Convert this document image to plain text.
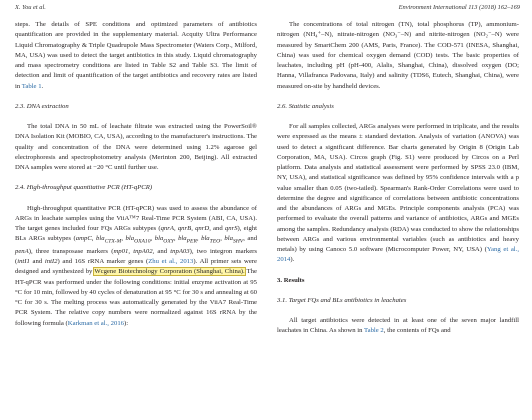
X. You et al.	Environment International 113 (2018) 162–169

steps. The details of SPE conditions and optimized parameters of antibiotics quantification are provided in the supplementary material. Acquity Ultra Performance Liquid Chromatography & Triple Quadrupole Mass Spectrometer (Waters Corp., Milford, MA, USA) was used to detect the target antibiotics in this study. Liquid chromatography and mass spectrometry conditions are listed in Table S2 and Table S3. The limit of detection and limit of quantification of the target antibiotics and recovery rates are listed in Table 1.

2.3. DNA extraction

The total DNA in 50 mL of leachate filtrate was extracted using the PowerSoil® DNA Isolation Kit (MOBIO, CA, USA), according to the manufacturer's instructions. The quality and concentration of the DNA were determined using 1.2% agarose gel electrophoresis and spectrophotometry analysis (Merinton 200, Beijing). All extracted DNA samples were stored at −20 °C until further use.

2.4. High-throughput quantitative PCR (HT-qPCR)

High-throughput quantitative PCR (HT-qPCR) was used to assess the abundance of ARGs in leachate samples using the ViiA™7 Real-Time PCR System (ABI, CA, USA). The target genes included four FQs ARGs subtypes (qnrA, qnrB, qnrD, and qnrS), eight BLs ARGs subtypes (ampC, bla$_{CTX-M}$, bla$_{OXA10}$, bla$_{OXY}$, bla$_{PER}$, bla$_{TEO}$, bla$_{SHV}$, and penA), three transposase markers (mp01, tnpA02, and tnpA03), two integron markers (intI1 and intI2) and 16S rRNA marker genes (Zhu et al., 2013). All primer sets were designed and synthesized by Wcgene Biotechnology Corporation (Shanghai, China). The HT-qPCR was performed under the following conditions: initial enzyme activation at 95 °C for 10 min, followed by 40 cycles of denaturation at 95 °C for 30 s and annealing at 60 °C for 30 s. The melting process was automatically generated by the ViiA7 Real-Time PCR System. The relative copy numbers were normalized against 16S rRNA by the following formula (Karkman et al., 2016):

The concentrations of total nitrogen (TN), total phosphorus (TP), ammonium-nitrogen (NH₄⁺–N), nitrate-nitrogen (NO₃⁻–N) and nitrite-nitrogen (NO₂⁻–N) were measured by SmartChem 200 (AMS, Paris, France). The COD-571 (INESA, Shanghai, China) was used for chemical oxygen demand (COD) tests. The basic properties of leachates, including pH (pH-400, Alalis, Shanghai, China), dissolved oxygen (DO; Hanna, Villafranca Padovana, Italy) and salinity (TDS6, Eutech, Shanghai, China), were measured on-site by handheld devices.

2.6. Statistic analysis

For all samples collected, ARGs analyses were performed in triplicate, and the results were expressed as the means ± standard deviation. Analysis of variation (ANOVA) was used to detect a significant difference. Bar charts generated by Origin 8 (Origin Lab Corporation, MA, USA). Circos graph (Fig. S1) were produced by Circos on a Perl platform. Data analysis and statistical assessment were performed by SPSS 23.0 (IBM, NY, USA), and statistical significance was defined by 95% confidence intervals with a p value smaller than 0.05 (two-tailed). Spearman's Rank-Order Correlations were used to determine the degree and significance of correlations between antibiotic concentrations and the abundances of ARGs and MGEs. Principle components analysis (PCA) was performed to evaluate the overall patterns and variance of antibiotics, ARGs and MGEs among the samples. Redundancy analysis (RDA) was conducted to show the relationships between ARGs and various environmental variables (such as antibiotics and heavy metals) by using Canoco 5.0 software (Microcomputer Power, NY, USA) (Yang et al., 2014).

3. Results

3.1. Target FQs and BLs antibiotics in leachates

All target antibiotics were detected in at least one of the seven major landfill leachates in China. As shown in Table 2, the contents of FQs and
